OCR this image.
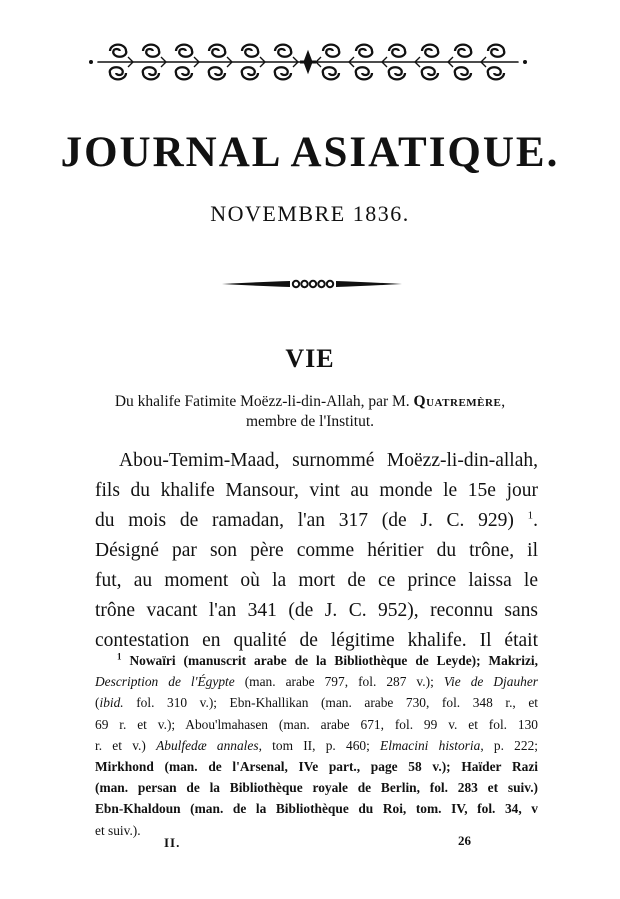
JOURNAL ASIATIQUE.
NOVEMBRE 1836.
VIE
Du khalife Fatimite Moëzz-li-din-Allah, par M. Quatremère,
membre de l'Institut.
Abou-Temim-Maad, surnommé Moëzz-li-din-allah,
fils du khalife Mansour, vint au monde le 15e jour
du mois de ramadan, l'an 317 (de J. C. 929) $^1$.
Désigné par son père comme héritier du trône, il
fut, au moment où la mort de ce prince laissa le
trône vacant l'an 341 (de J. C. 952), reconnu sans
contestation en qualité de légitime khalife. Il était
$^1$ Nowaïri (manuscrit arabe de la Bibliothèque de Leyde); Makrizi,
Description de l'Égypte (man. arabe 797, fol. 287 v.); Vie de Djauher
(ibid. fol. 310 v.); Ebn-Khallikan (man. arabe 730, fol. 348 r., et
69 r. et v.); Abou'lmahasen (man. arabe 671, fol. 99 v. et fol. 130
r. et v.) Abulfedæ annales, tom II, p. 460; Elmacini historia, p. 222;
Mirkhond (man. de l'Arsenal, IVe part., page 58 v.); Haïder Razi
(man. persan de la Bibliothèque royale de Berlin, fol. 283 et suiv.)
Ebn-Khaldoun (man. de la Bibliothèque du Roi, tom. IV, fol. 34, v
et suiv.).
II.	26
